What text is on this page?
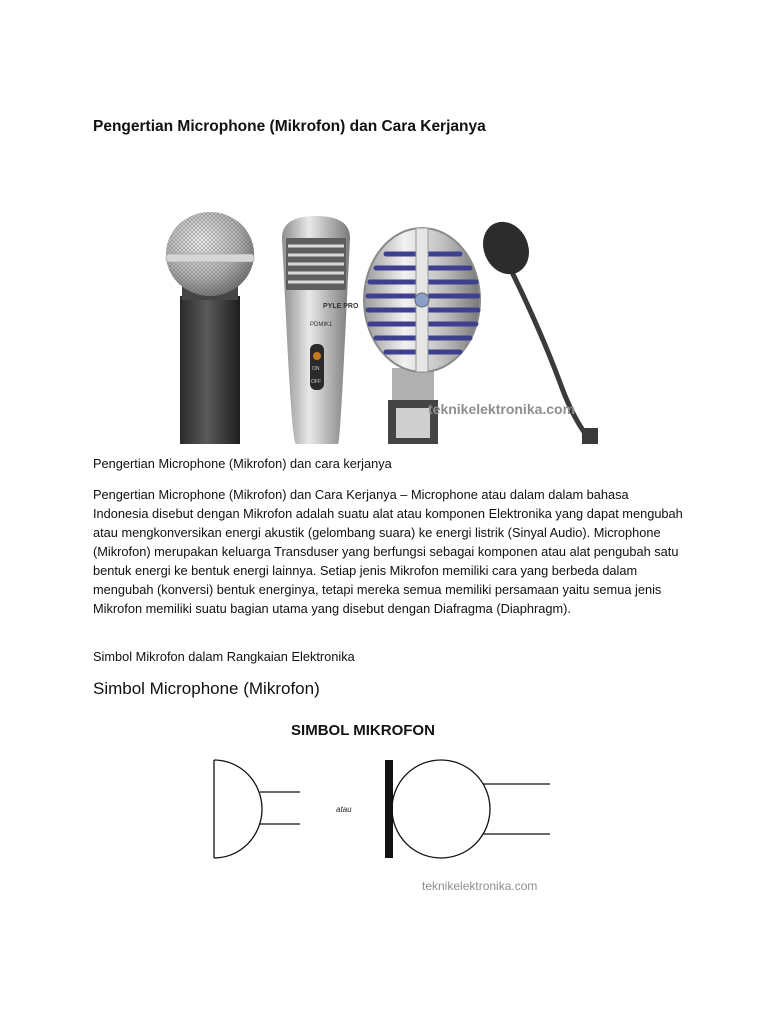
Pengertian Microphone (Mikrofon) dan Cara Kerjanya
PYLE PRO
PDMIK1
ON
OFF
teknikelektronika.com

Pengertian Microphone (Mikrofon) dan cara kerjanya

Pengertian Microphone (Mikrofon) dan Cara Kerjanya – Microphone atau dalam dalam bahasa Indonesia disebut dengan Mikrofon adalah suatu alat atau komponen Elektronika yang dapat mengubah atau mengkonversikan energi akustik (gelombang suara) ke energi listrik (Sinyal Audio). Microphone (Mikrofon) merupakan keluarga Transduser yang berfungsi sebagai komponen atau alat pengubah satu bentuk energi ke bentuk energi lainnya. Setiap jenis Mikrofon memiliki cara yang berbeda dalam mengubah (konversi) bentuk energinya, tetapi mereka semua memiliki persamaan yaitu semua jenis Mikrofon memiliki suatu bagian utama yang disebut dengan Diafragma (Diaphragm).

Simbol Mikrofon dalam Rangkaian Elektronika

Simbol Microphone (Mikrofon)
SIMBOL MIKROFON
atau
teknikelektronika.com
